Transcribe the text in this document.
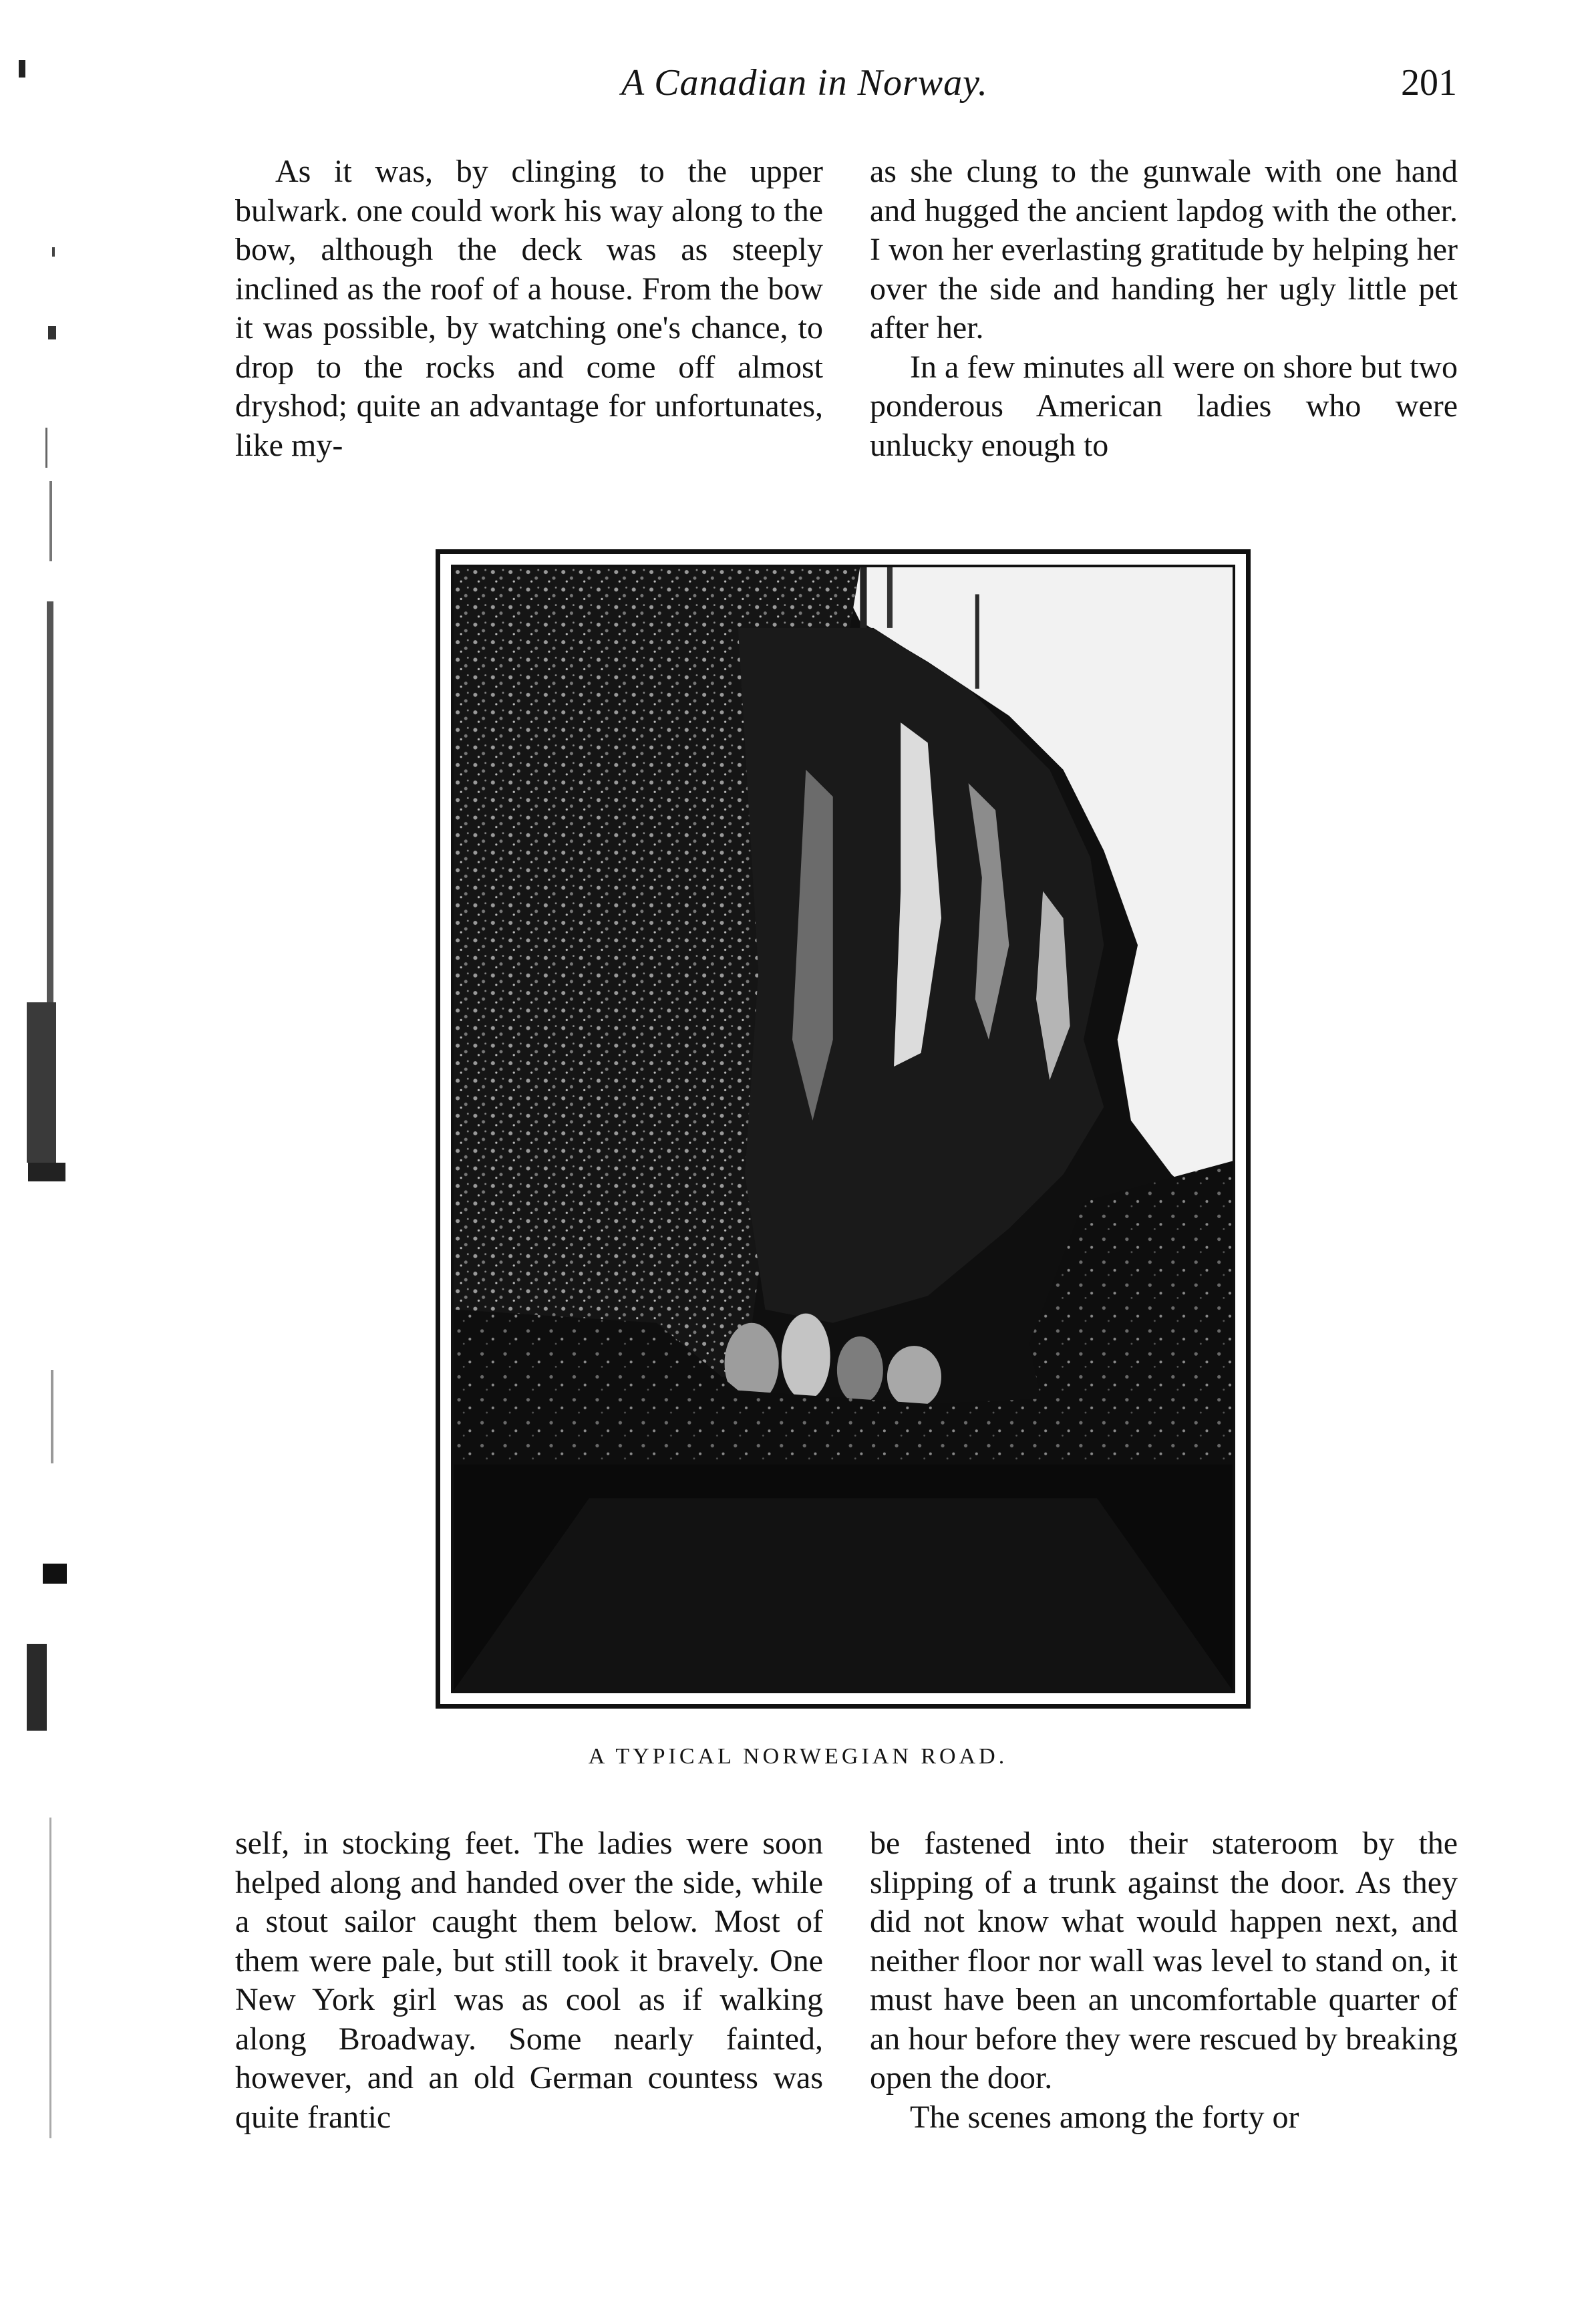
A Canadian in Norway.	201

As it was, by clinging to the upper bulwark. one could work his way along to the bow, although the deck was as steeply inclined as the roof of a house. From the bow it was possible, by watching one's chance, to drop to the rocks and come off almost dryshod; quite an advantage for unfortunates, like my-

as she clung to the gunwale with one hand and hugged the ancient lapdog with the other. I won her everlasting gratitude by helping her over the side and handing her ugly little pet after her.

In a few minutes all were on shore but two ponderous American ladies who were unlucky enough to

A TYPICAL NORWEGIAN ROAD.

self, in stocking feet. The ladies were soon helped along and handed over the side, while a stout sailor caught them below. Most of them were pale, but still took it bravely. One New York girl was as cool as if walking along Broadway. Some nearly fainted, however, and an old German countess was quite frantic

be fastened into their stateroom by the slipping of a trunk against the door. As they did not know what would happen next, and neither floor nor wall was level to stand on, it must have been an uncomfortable quarter of an hour before they were rescued by breaking open the door.

The scenes among the forty or
